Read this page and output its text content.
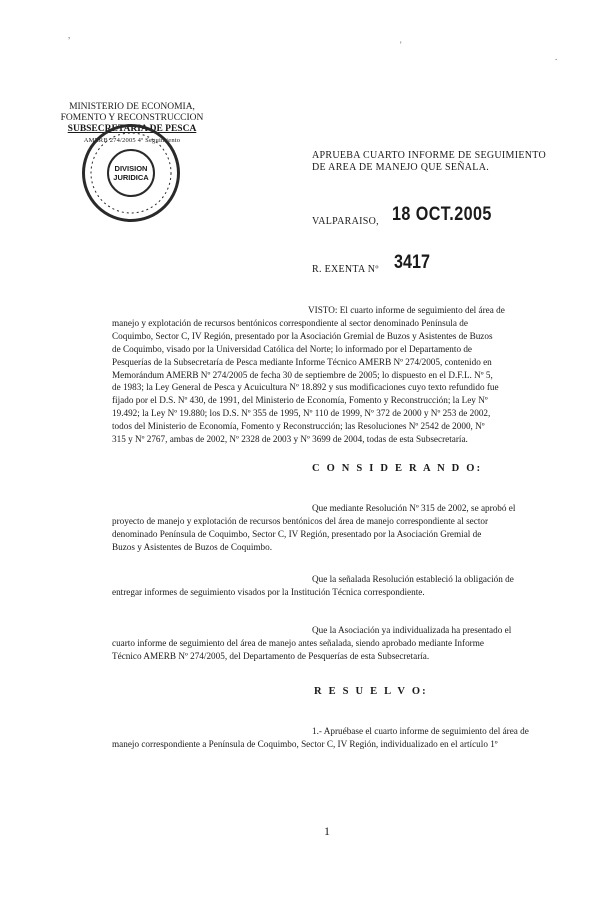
,
'
.
MINISTERIO DE ECONOMIA,
FOMENTO Y RECONSTRUCCION
SUBSECRETARIA DE PESCA
AMERB 274/2005 4º Seguimiento
DIVISION
JURIDICA
APRUEBA CUARTO INFORME DE SEGUIMIENTO
DE AREA DE MANEJO QUE SEÑALA.
VALPARAISO, 18 OCT.2005
R. EXENTA Nº 3417

VISTO: El cuarto informe de seguimiento del área de

manejo y explotación de recursos bentónicos correspondiente al sector denominado Península de

Coquimbo, Sector C, IV Región, presentado por la Asociación Gremial de Buzos y Asistentes de Buzos

de Coquimbo, visado por la Universidad Católica del Norte; lo informado por el Departamento de

Pesquerías de la Subsecretaría de Pesca mediante Informe Técnico AMERB Nº 274/2005, contenido en

Memorándum AMERB Nº 274/2005 de fecha 30 de septiembre de 2005; lo dispuesto en el D.F.L. Nº 5,

de 1983; la Ley General de Pesca y Acuicultura Nº 18.892 y sus modificaciones cuyo texto refundido fue

fijado por el D.S. Nº 430, de 1991, del Ministerio de Economía, Fomento y Reconstrucción; la Ley Nº

19.492; la Ley Nº 19.880; los D.S. Nº 355 de 1995, Nº 110 de 1999, Nº 372 de 2000 y Nº 253 de 2002,

todos del Ministerio de Economía, Fomento y Reconstrucción; las Resoluciones Nº 2542 de 2000, Nº

315 y Nº 2767, ambas de 2002, Nº 2328 de 2003 y Nº 3699 de 2004, todas de esta Subsecretaría.

C O N S I D E R A N D O:

Que mediante Resolución Nº 315 de 2002, se aprobó el

proyecto de manejo y explotación de recursos bentónicos del área de manejo correspondiente al sector

denominado Península de Coquimbo, Sector C, IV Región, presentado por la Asociación Gremial de

Buzos y Asistentes de Buzos de Coquimbo.

Que la señalada Resolución estableció la obligación de

entregar informes de seguimiento visados por la Institución Técnica correspondiente.

Que la Asociación ya individualizada ha presentado el

cuarto informe de seguimiento del área de manejo antes señalada, siendo aprobado mediante Informe

Técnico AMERB Nº 274/2005, del Departamento de Pesquerías de esta Subsecretaría.

R E S U E L V O:

1.- Apruébase el cuarto informe de seguimiento del área de

manejo correspondiente a Península de Coquimbo, Sector C, IV Región, individualizado en el artículo 1º

1
